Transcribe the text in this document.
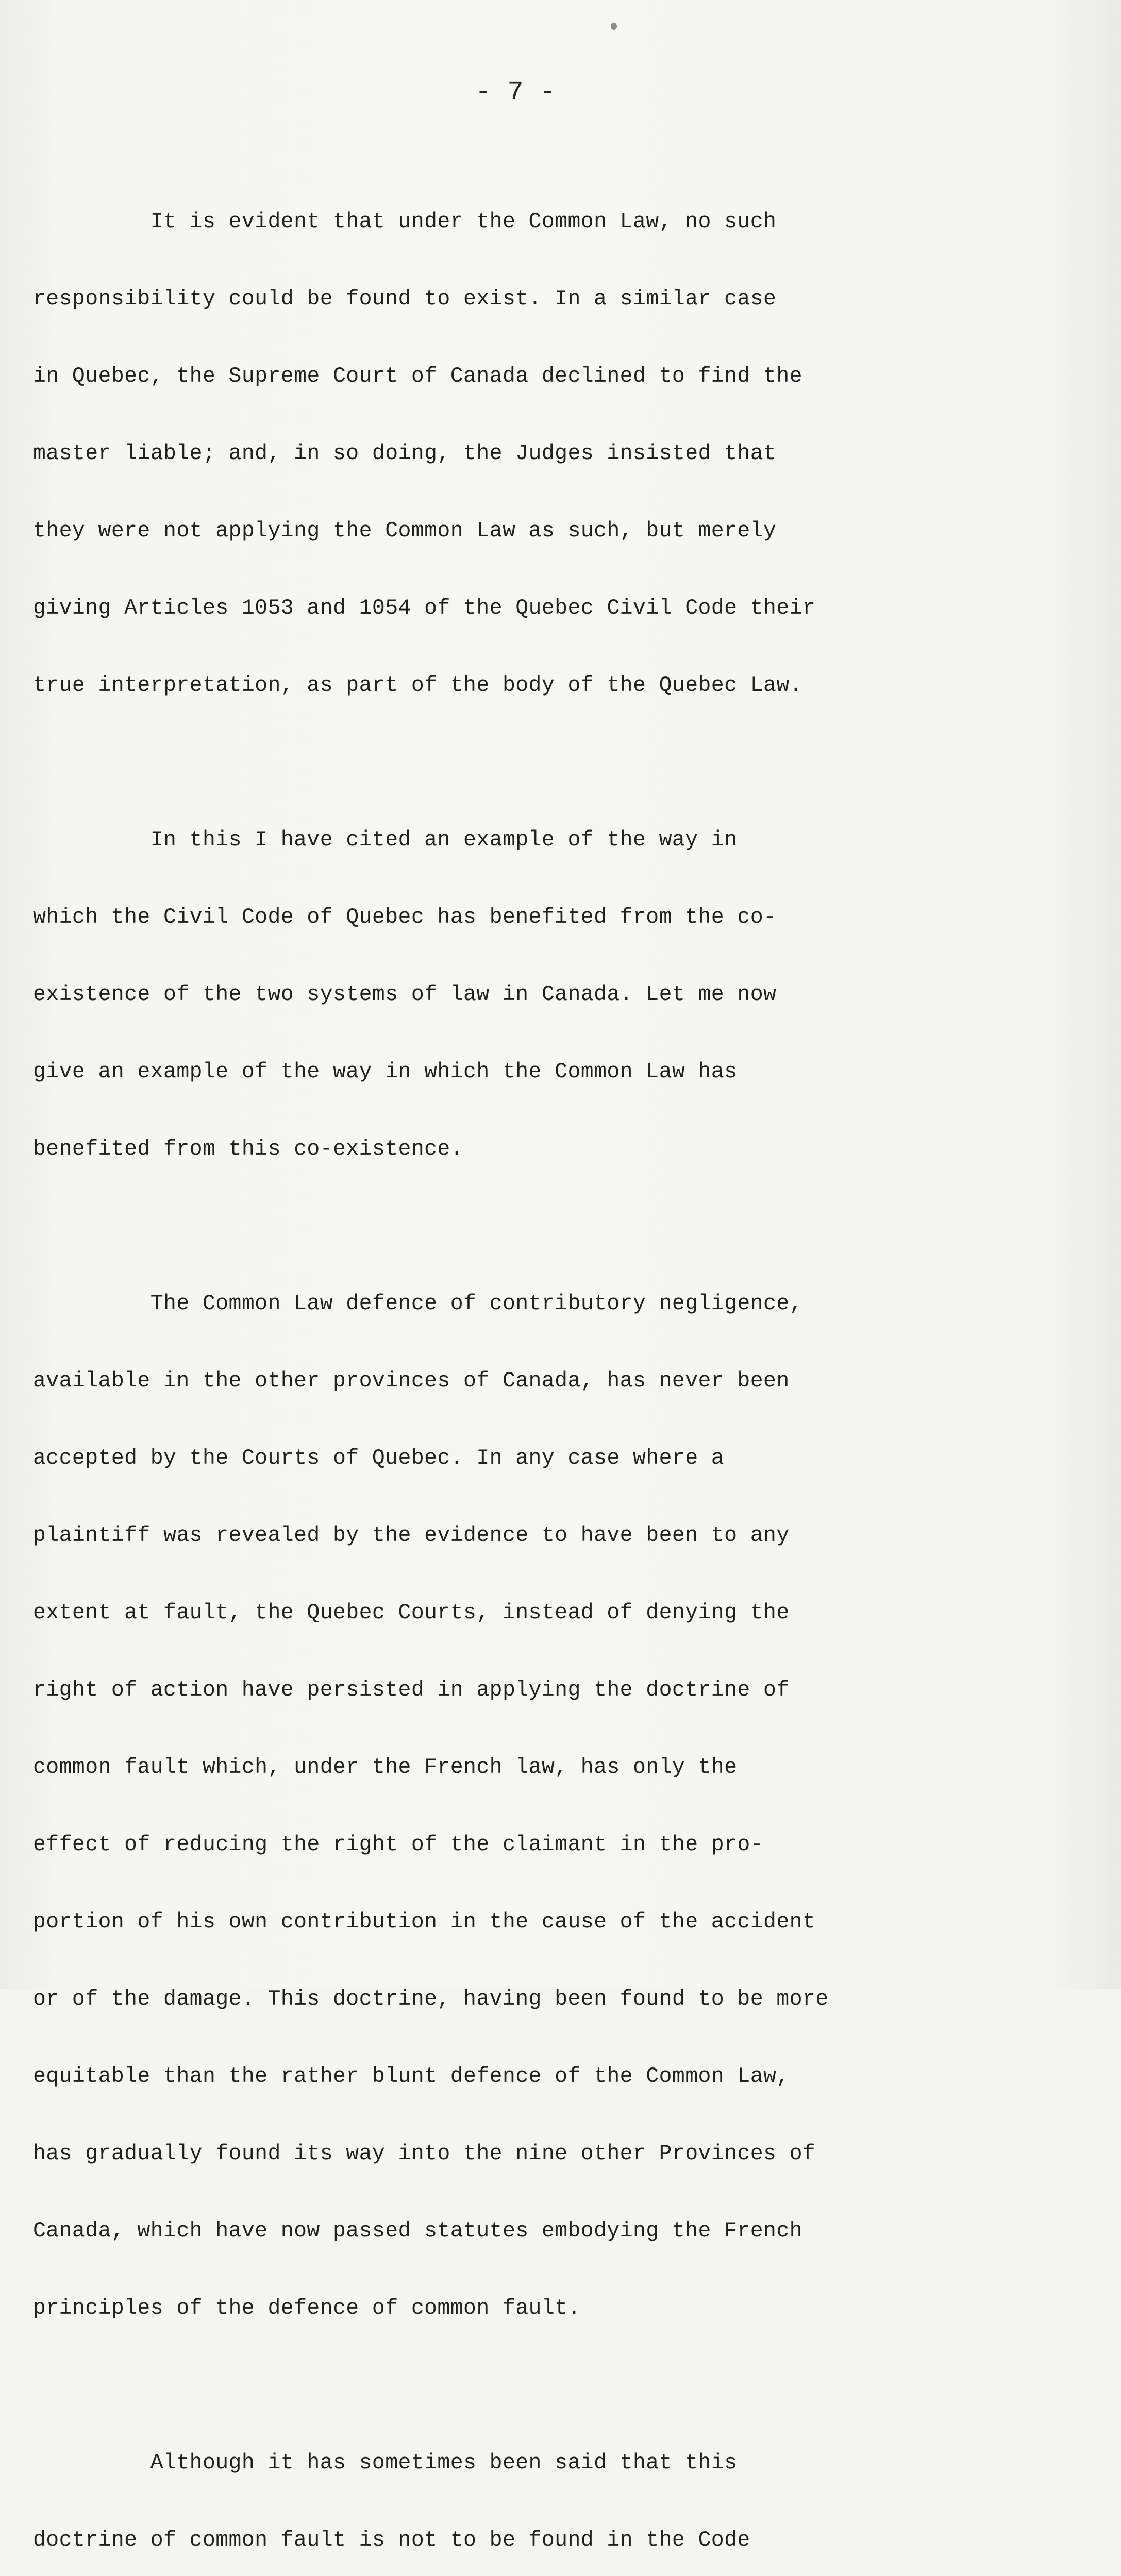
- 7 -

It is evident that under the Common Law, no such

responsibility could be found to exist. In a similar case

in Quebec, the Supreme Court of Canada declined to find the

master liable; and, in so doing, the Judges insisted that

they were not applying the Common Law as such, but merely

giving Articles 1053 and 1054 of the Quebec Civil Code their

true interpretation, as part of the body of the Quebec Law.

In this I have cited an example of the way in

which the Civil Code of Quebec has benefited from the co-

existence of the two systems of law in Canada. Let me now

give an example of the way in which the Common Law has

benefited from this co-existence.

The Common Law defence of contributory negligence,

available in the other provinces of Canada, has never been

accepted by the Courts of Quebec. In any case where a

plaintiff was revealed by the evidence to have been to any

extent at fault, the Quebec Courts, instead of denying the

right of action have persisted in applying the doctrine of

common fault which, under the French law, has only the

effect of reducing the right of the claimant in the pro-

portion of his own contribution in the cause of the accident

or of the damage. This doctrine, having been found to be more

equitable than the rather blunt defence of the Common Law,

has gradually found its way into the nine other Provinces of

Canada, which have now passed statutes embodying the French

principles of the defence of common fault.

Although it has sometimes been said that this

doctrine of common fault is not to be found in the Code
